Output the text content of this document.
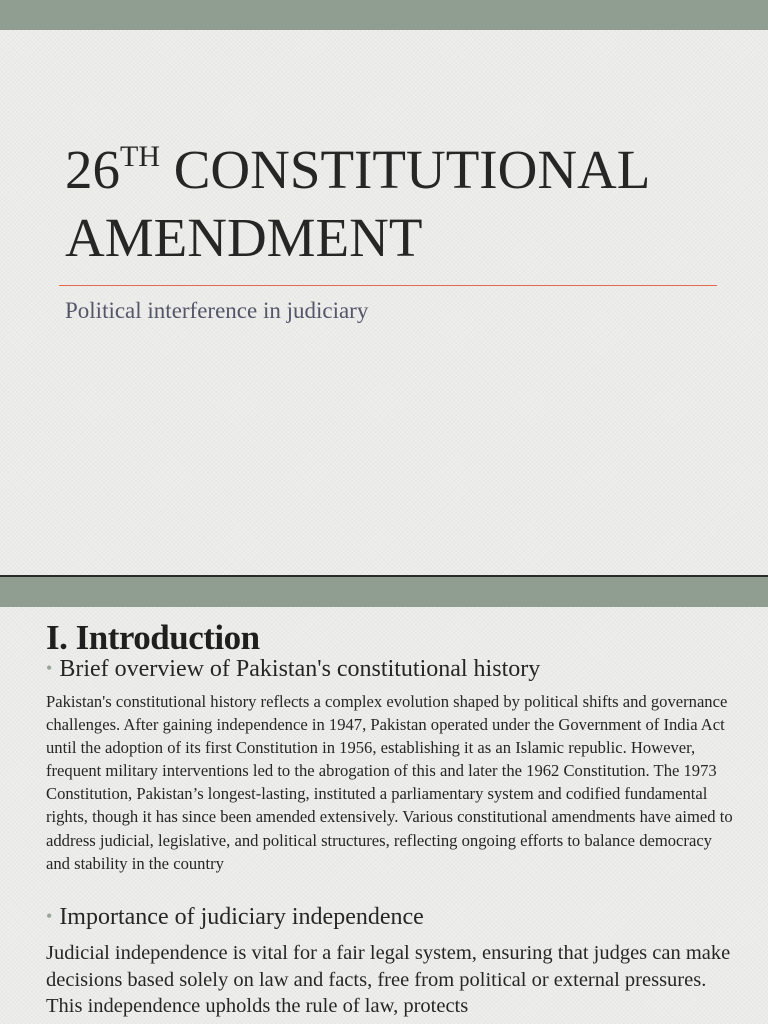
26TH CONSTITUTIONAL
AMENDMENT

Political interference in judiciary

I. Introduction

• Brief overview of Pakistan's constitutional history

Pakistan's constitutional history reflects a complex evolution shaped by political shifts and governance challenges. After gaining independence in 1947, Pakistan operated under the Government of India Act until the adoption of its first Constitution in 1956, establishing it as an Islamic republic. However, frequent military interventions led to the abrogation of this and later the 1962 Constitution. The 1973 Constitution, Pakistan’s longest-lasting, instituted a parliamentary system and codified fundamental rights, though it has since been amended extensively. Various constitutional amendments have aimed to address judicial, legislative, and political structures, reflecting ongoing efforts to balance democracy and stability in the country

• Importance of judiciary independence

Judicial independence is vital for a fair legal system, ensuring that judges can make decisions based solely on law and facts, free from political or external pressures. This independence upholds the rule of law, protects
